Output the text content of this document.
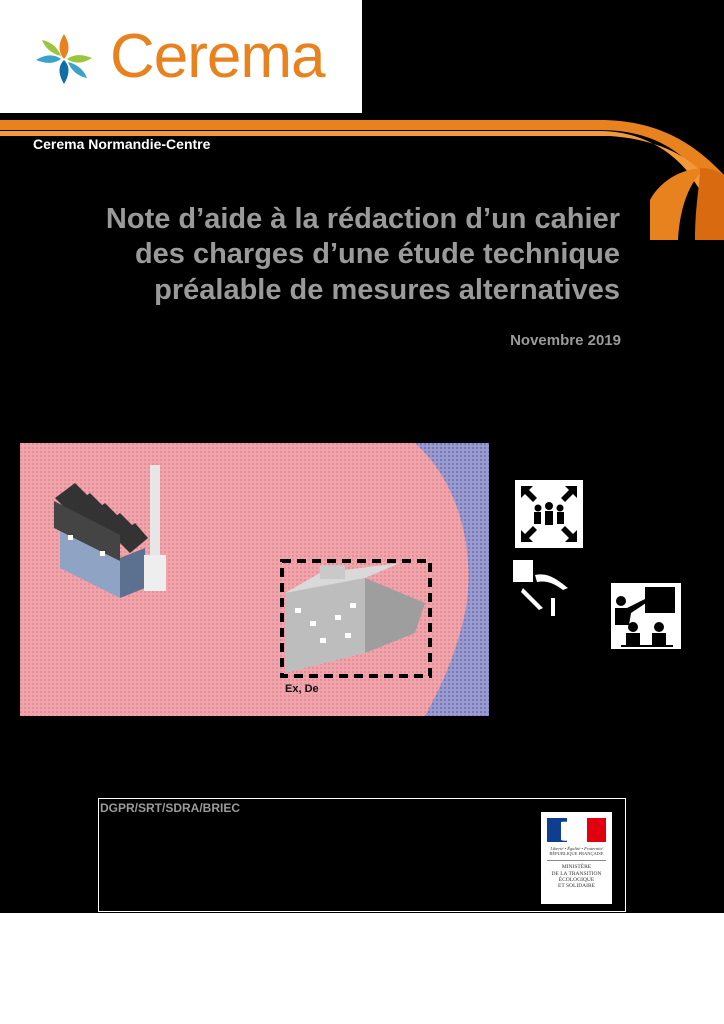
Cerema
Cerema Normandie-Centre
Note d’aide à la rédaction d’un cahier
des charges d’une étude technique
préalable de mesures alternatives
Novembre 2019
Ex, De
DGPR/SRT/SDRA/BRIEC
Liberté • Égalité • Fraternité
RÉPUBLIQUE FRANÇAISE
MINISTÈRE
DE LA TRANSITION
ÉCOLOGIQUE
ET SOLIDAIRE
